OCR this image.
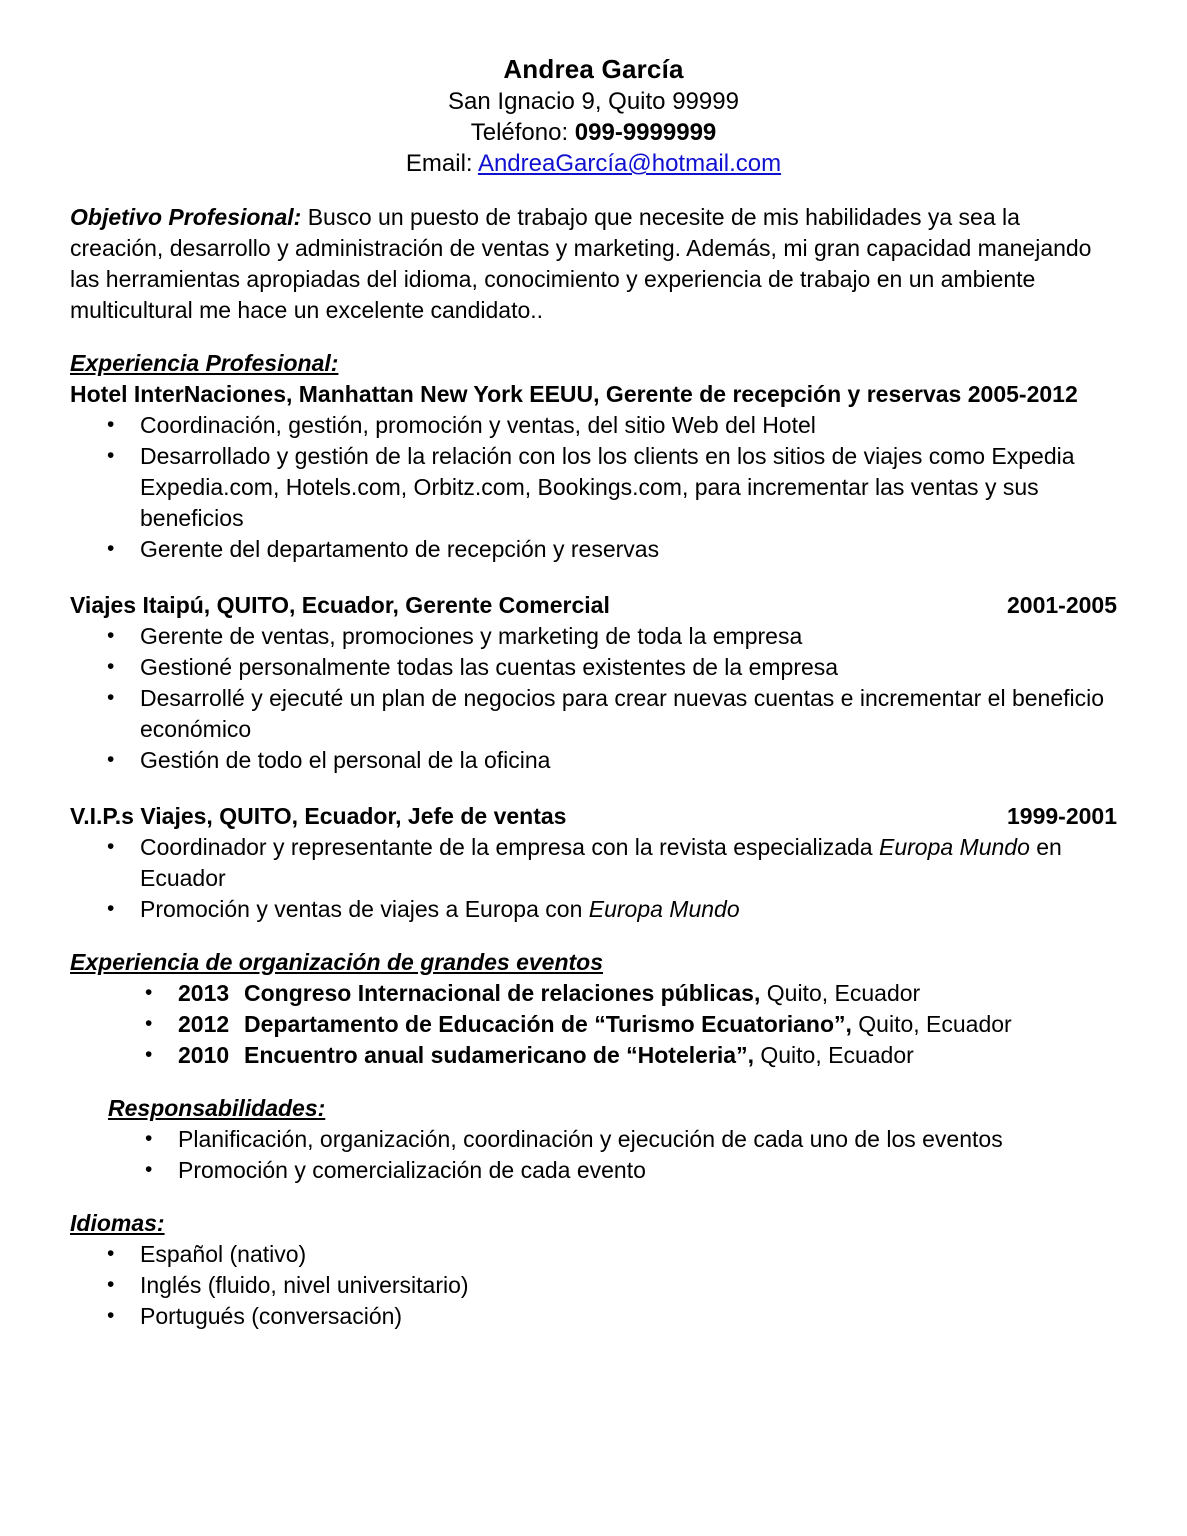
Andrea García
San Ignacio 9, Quito 99999
Teléfono: 099-9999999
Email: AndreaGarcía@hotmail.com
Objetivo Profesional: Busco un puesto de trabajo que necesite de mis habilidades ya sea la creación, desarrollo y administración de ventas y marketing. Además, mi gran capacidad manejando las herramientas apropiadas del idioma, conocimiento y experiencia de trabajo en un ambiente multicultural me hace un excelente candidato..
Experiencia Profesional:
Hotel InterNaciones, Manhattan New York EEUU, Gerente de recepción y reservas 2005-2012
• Coordinación, gestión, promoción y ventas, del sitio Web del Hotel
• Desarrollado y gestión de la relación con los los clients en los sitios de viajes como Expedia Expedia.com, Hotels.com, Orbitz.com, Bookings.com, para incrementar las ventas y sus beneficios
• Gerente del departamento de recepción y reservas
Viajes Itaipú, QUITO, Ecuador, Gerente Comercial	2001-2005
• Gerente de ventas, promociones y marketing de toda la empresa
• Gestioné personalmente todas las cuentas existentes de la empresa
• Desarrollé y ejecuté un plan de negocios para crear nuevas cuentas e incrementar el beneficio económico
• Gestión de todo el personal de la oficina
V.I.P.s Viajes, QUITO, Ecuador, Jefe de ventas	1999-2001
• Coordinador y representante de la empresa con la revista especializada Europa Mundo en Ecuador
• Promoción y ventas de viajes a Europa con Europa Mundo
Experiencia de organización de grandes eventos
• 2013 Congreso Internacional de relaciones públicas, Quito, Ecuador
• 2012 Departamento de Educación de “Turismo Ecuatoriano”, Quito, Ecuador
• 2010 Encuentro anual sudamericano de “Hoteleria”, Quito, Ecuador
Responsabilidades:
• Planificación, organización, coordinación y ejecución de cada uno de los eventos
• Promoción y comercialización de cada evento
Idiomas:
• Español (nativo)
• Inglés (fluido, nivel universitario)
• Portugués (conversación)
